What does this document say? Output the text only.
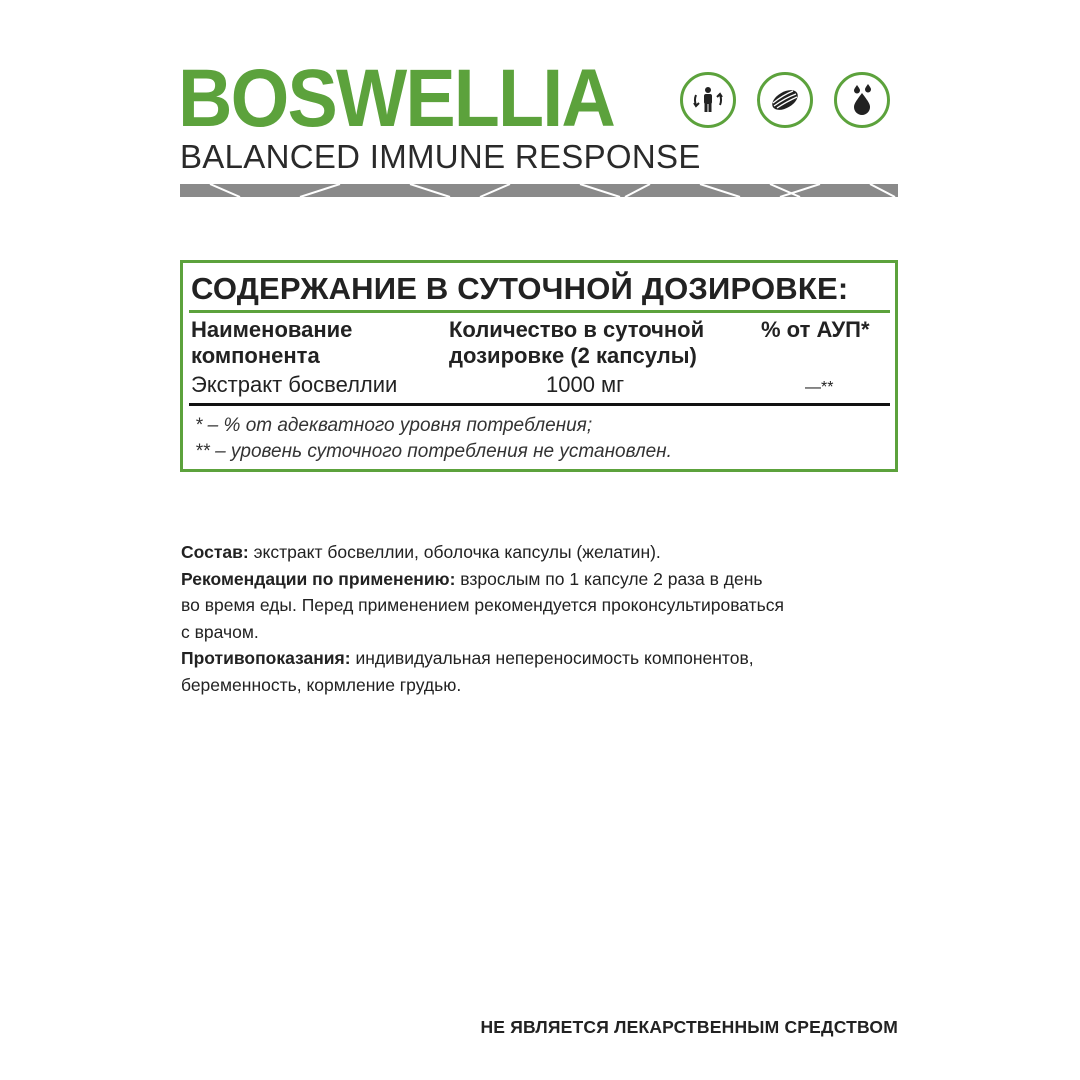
BOSWELLIA
BALANCED IMMUNE RESPONSE
СОДЕРЖАНИЕ В СУТОЧНОЙ ДОЗИРОВКЕ:
Наименование
компонента
Количество в суточной
дозировке (2 капсулы)
% от АУП*
Экстракт босвеллии	1000 мг	—**
* – % от адекватного уровня потребления;
** – уровень суточного потребления не установлен.

Состав: экстракт босвеллии, оболочка капсулы (желатин).

Рекомендации по применению: взрослым по 1 капсуле 2 раза в день

во время еды. Перед применением рекомендуется проконсультироваться

с врачом.

Противопоказания: индивидуальная непереносимость компонентов,

беременность, кормление грудью.

НЕ ЯВЛЯЕТСЯ ЛЕКАРСТВЕННЫМ СРЕДСТВОМ
